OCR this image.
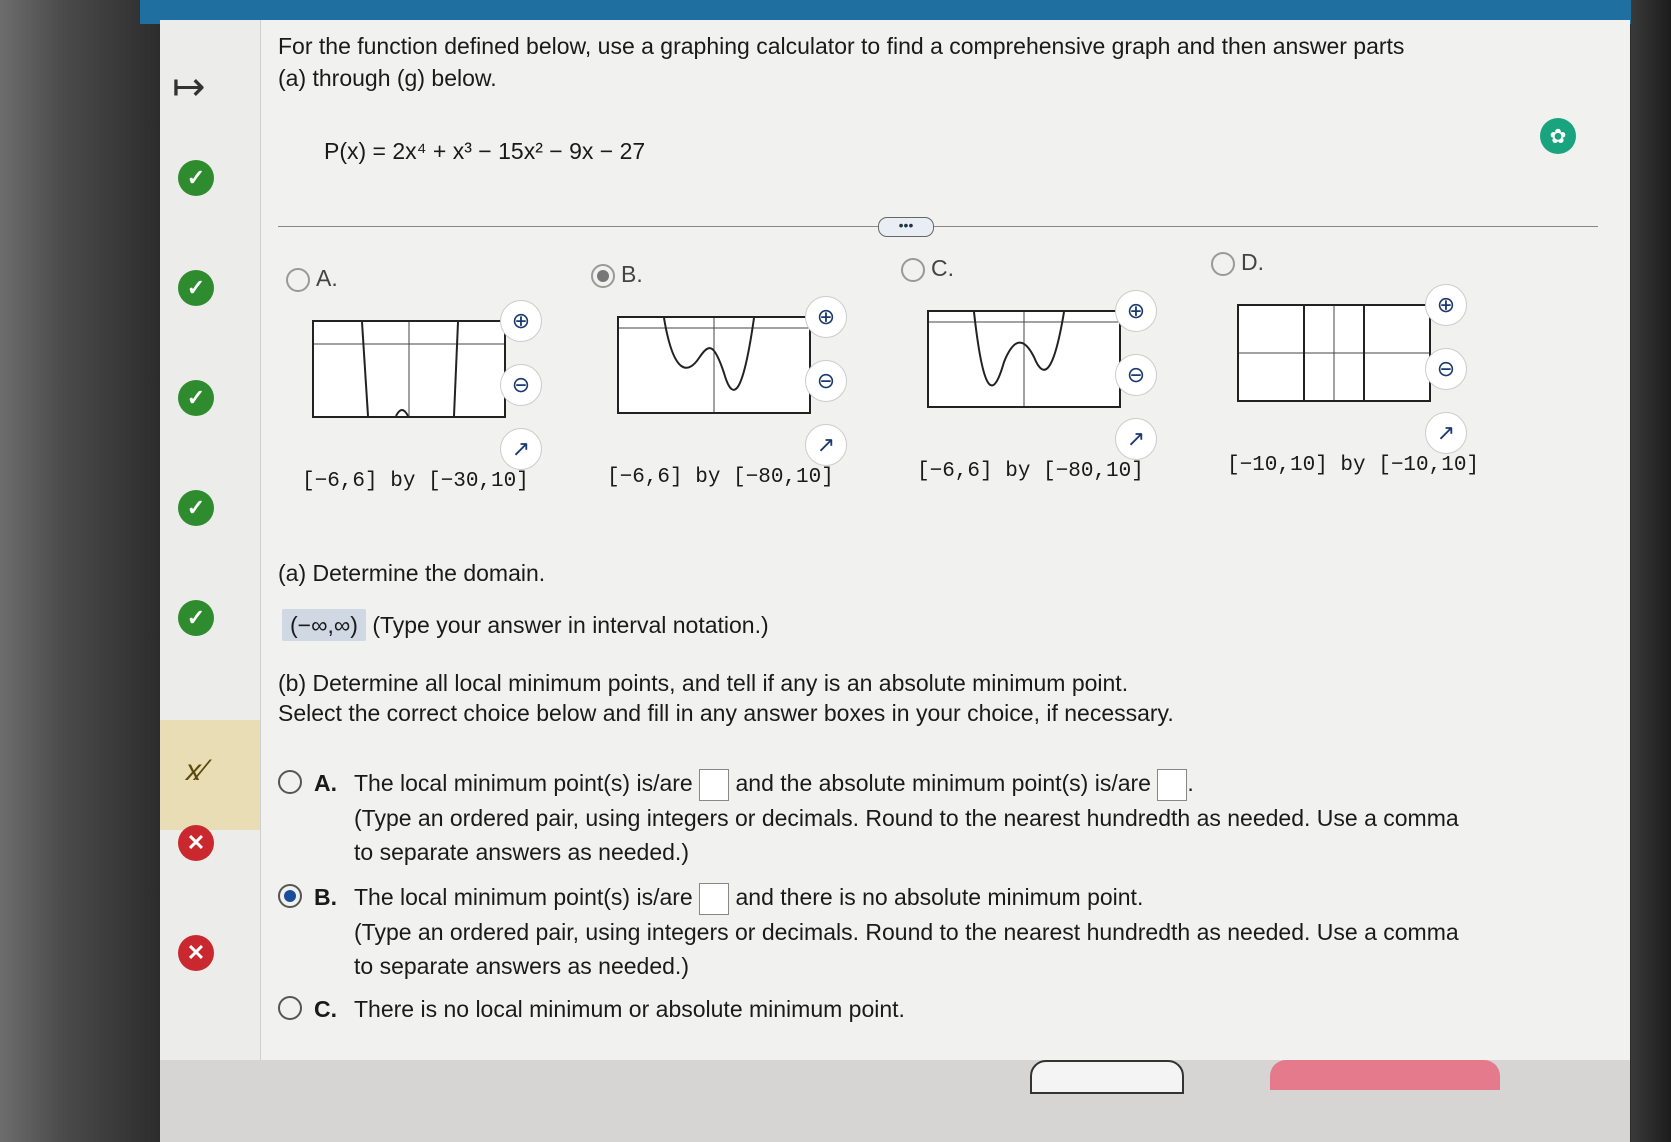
✿
↦
✓
✓
✓
✓
✓
x⁄
✕
✕

For the function defined below, use a graphing calculator to find a comprehensive graph and then answer parts (a) through (g) below.

P(x) = 2x⁴ + x³ − 15x² − 9x − 27
•••
A.
⊕
⊖
↗
[−6,6] by [−30,10]
B.
⊕
⊖
↗
[−6,6] by [−80,10]
C.
⊕
⊖
↗
[−6,6] by [−80,10]
D.
⊕
⊖
↗
[−10,10] by [−10,10]
(a) Determine the domain.
(−∞,∞) (Type your answer in interval notation.)
(b) Determine all local minimum points, and tell if any is an absolute minimum point.
Select the correct choice below and fill in any answer boxes in your choice, if necessary.
A. The local minimum point(s) is/are and the absolute minimum point(s) is/are .
(Type an ordered pair, using integers or decimals. Round to the nearest hundredth as needed. Use a comma to separate answers as needed.)
B. The local minimum point(s) is/are and there is no absolute minimum point.
(Type an ordered pair, using integers or decimals. Round to the nearest hundredth as needed. Use a comma to separate answers as needed.)
C. There is no local minimum or absolute minimum point.
